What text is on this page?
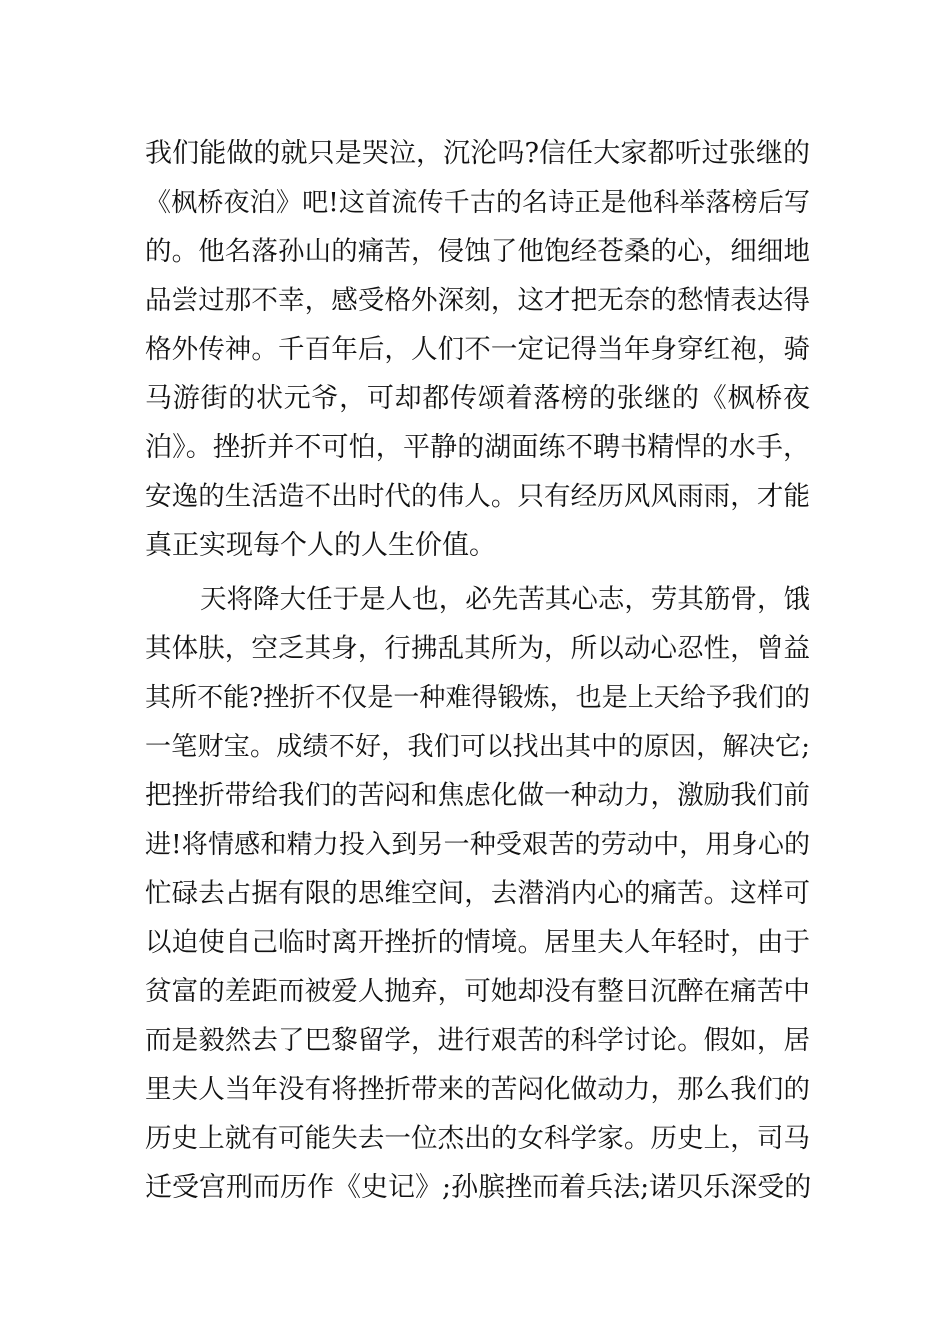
我们能做的就只是哭泣，沉沦吗?信任大家都听过张继的
《枫桥夜泊》吧!这首流传千古的名诗正是他科举落榜后写
的。他名落孙山的痛苦，侵蚀了他饱经苍桑的心，细细地
品尝过那不幸，感受格外深刻，这才把无奈的愁情表达得
格外传神。千百年后，人们不一定记得当年身穿红袍，骑
马游街的状元爷，可却都传颂着落榜的张继的《枫桥夜
泊》。挫折并不可怕，平静的湖面练不聘书精悍的水手，
安逸的生活造不出时代的伟人。只有经历风风雨雨，才能
真正实现每个人的人生价值。
天将降大任于是人也，必先苦其心志，劳其筋骨，饿
其体肤，空乏其身，行拂乱其所为，所以动心忍性，曾益
其所不能?挫折不仅是一种难得锻炼，也是上天给予我们的
一笔财宝。成绩不好，我们可以找出其中的原因，解决它;
把挫折带给我们的苦闷和焦虑化做一种动力，激励我们前
进!将情感和精力投入到另一种受艰苦的劳动中，用身心的
忙碌去占据有限的思维空间，去潜消内心的痛苦。这样可
以迫使自己临时离开挫折的情境。居里夫人年轻时，由于
贫富的差距而被爱人抛弃，可她却没有整日沉醉在痛苦中
而是毅然去了巴黎留学，进行艰苦的科学讨论。假如，居
里夫人当年没有将挫折带来的苦闷化做动力，那么我们的
历史上就有可能失去一位杰出的女科学家。历史上，司马
迁受宫刑而历作《史记》;孙膑挫而着兵法;诺贝乐深受的
